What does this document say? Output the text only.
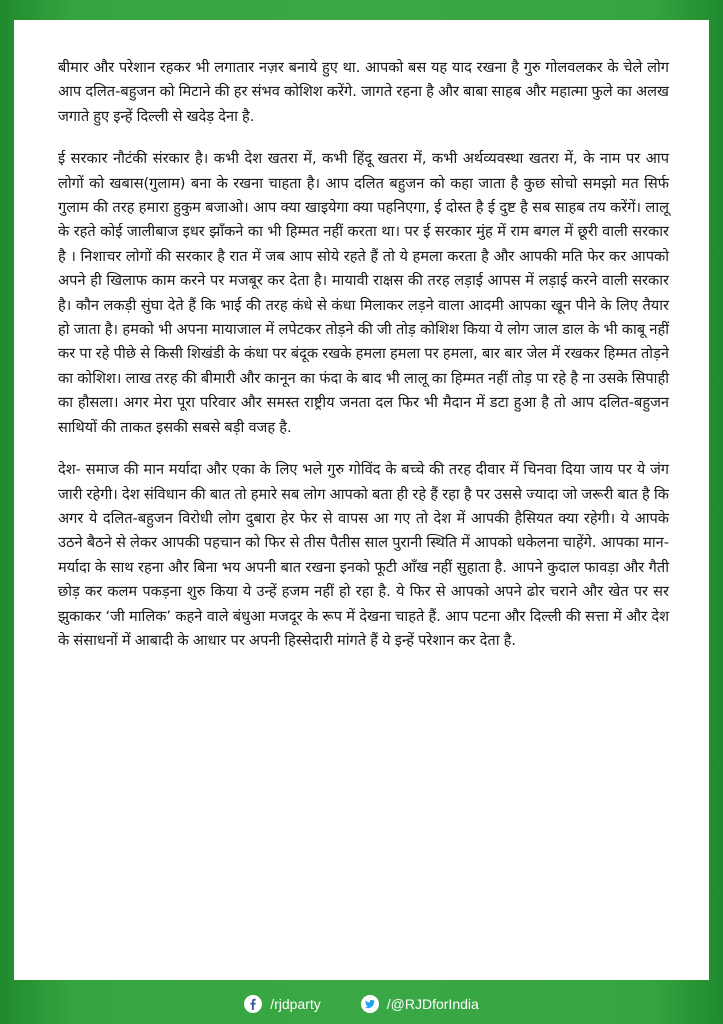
बीमार और परेशान रहकर भी लगातार नज़र बनाये हुए था. आपको बस यह याद रखना है गुरु गोलवलकर के चेले लोग आप दलित-बहुजन को मिटाने की हर संभव कोशिश करेंगे. जागते रहना है और बाबा साहब और महात्मा फुले का अलख जगाते हुए इन्हें दिल्ली से खदेड़ देना है.

ई सरकार नौटंकी संरकार है। कभी देश खतरा में, कभी हिंदू खतरा में, कभी अर्थव्यवस्था खतरा में, के नाम पर आप लोगों को खबास(गुलाम) बना के रखना चाहता है। आप दलित बहुजन को कहा जाता है कुछ सोचो समझो मत सिर्फ गुलाम की तरह हमारा हुकुम बजाओ। आप क्या खाइयेगा क्या पहनिएगा, ई दोस्त है ई दुष्ट है सब साहब तय करेंगें। लालू के रहते कोई जालीबाज इधर झाँकने का भी हिम्मत नहीं करता था। पर ई सरकार मुंह में राम बगल में छूरी वाली सरकार है । निशाचर लोगों की सरकार है रात में जब आप सोये रहते हैं तो ये हमला करता है और आपकी मति फेर कर आपको अपने ही खिलाफ काम करने पर मजबूर कर देता है। मायावी राक्षस की तरह लड़ाई आपस में लड़ाई करने वाली सरकार है। कौन लकड़ी सुंघा देते हैं कि भाई की तरह कंधे से कंधा मिलाकर लड़ने वाला आदमी आपका खून पीने के लिए तैयार हो जाता है। हमको भी अपना मायाजाल में लपेटकर तोड़ने की जी तोड़ कोशिश किया ये लोग जाल डाल के भी काबू नहीं कर पा रहे पीछे से किसी शिखंडी के कंधा पर बंदूक रखके हमला हमला पर हमला, बार बार जेल में रखकर हिम्मत तोड़ने का कोशिश। लाख तरह की बीमारी और कानून का फंदा के बाद भी लालू का हिम्मत नहीं तोड़ पा रहे है ना उसके सिपाही का हौसला। अगर मेरा पूरा परिवार और समस्त राष्ट्रीय जनता दल फिर भी मैदान में डटा हुआ है तो आप दलित-बहुजन साथियों की ताकत इसकी सबसे बड़ी वजह है.

देश- समाज की मान मर्यादा और एका के लिए भले गुरु गोविंद के बच्चे की तरह दीवार में चिनवा दिया जाय पर ये जंग जारी रहेगी। देश संविधान की बात तो हमारे सब लोग आपको बता ही रहे हैं रहा है पर उससे ज्यादा जो जरूरी बात है कि अगर ये दलित-बहुजन विरोधी लोग दुबारा हेर फेर से वापस आ गए तो देश में आपकी हैसियत क्या रहेगी। ये आपके उठने बैठने से लेकर आपकी पहचान को फिर से तीस पैतीस साल पुरानी स्थिति में आपको धकेलना चाहेंगे. आपका मान-मर्यादा के साथ रहना और बिना भय अपनी बात रखना इनको फूटी आँख नहीं सुहाता है. आपने कुदाल फावड़ा और गैती छोड़ कर कलम पकड़ना शुरु किया ये उन्हें हजम नहीं हो रहा है. ये फिर से आपको अपने ढोर चराने और खेत पर सर झुकाकर ‘जी मालिक’ कहने वाले बंधुआ मजदूर के रूप में देखना चाहते हैं. आप पटना और दिल्ली की सत्ता में और देश के संसाधनों में आबादी के आधार पर अपनी हिस्सेदारी मांगते हैं ये इन्हें परेशान कर देता है.

/rjdparty	/@RJDforIndia
